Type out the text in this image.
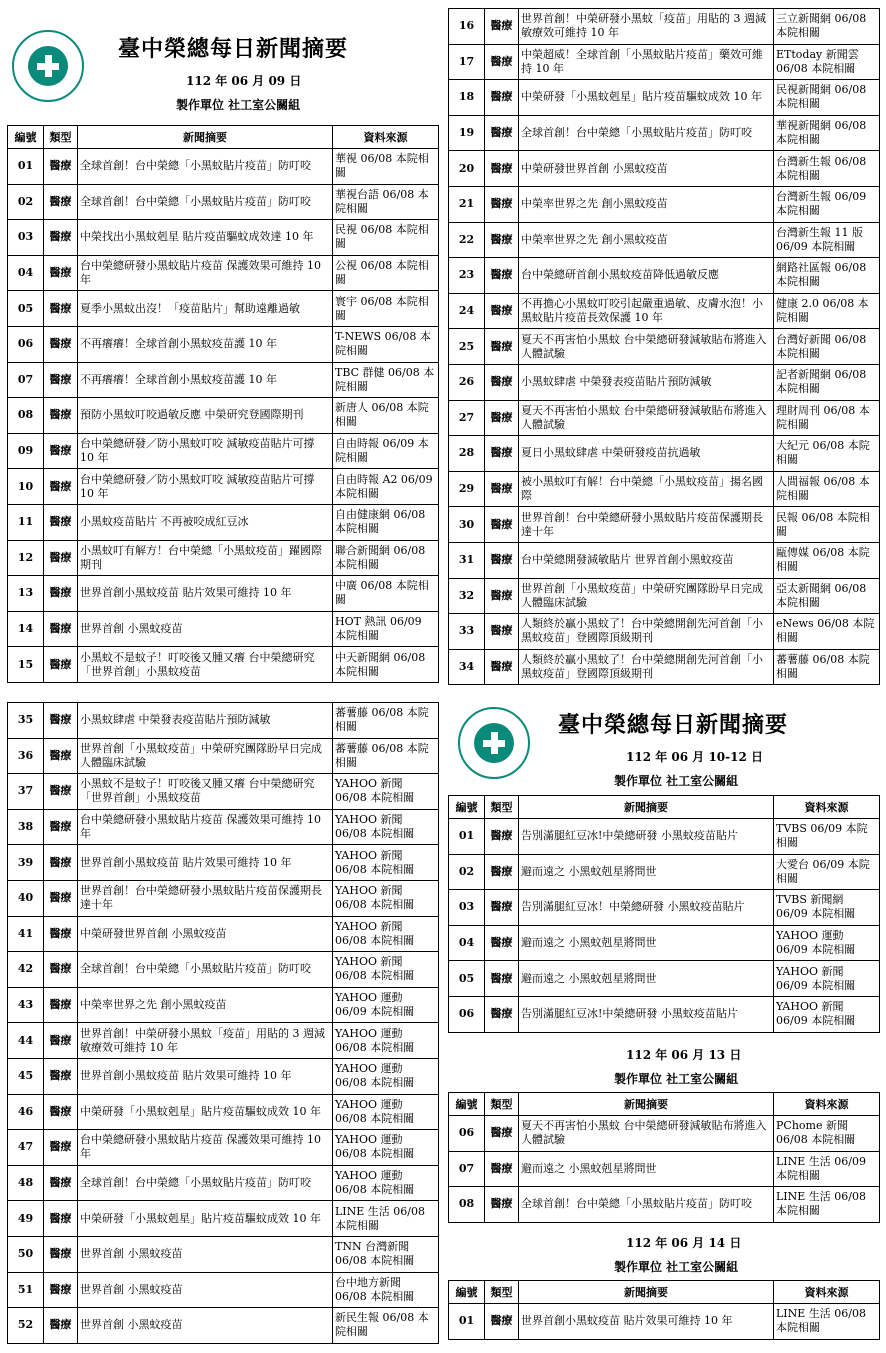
臺中榮總每日新聞摘要
112 年 06 月 09 日
製作單位 社工室公關組
編號	類型	新聞摘要	資料來源
01	醫療	全球首創！台中榮總「小黑蚊貼片疫苗」防叮咬	華視 06/08 本院相關
02	醫療	全球首創！台中榮總「小黑蚊貼片疫苗」防叮咬	華視台語 06/08 本院相關
03	醫療	中榮找出小黑蚊剋星 貼片疫苗驅蚊成效達 10 年	民視 06/08 本院相關
04	醫療	台中榮總研發小黑蚊貼片疫苗 保護效果可維持 10 年	公視 06/08 本院相關
05	醫療	夏季小黑蚊出沒！「疫苗貼片」幫助遠離過敏	寰宇 06/08 本院相關
06	醫療	不再癢癢！全球首創小黑蚊疫苗護 10 年	T-NEWS 06/08 本院相關
07	醫療	不再癢癢！全球首創小黑蚊疫苗護 10 年	TBC 群健 06/08 本院相關
08	醫療	預防小黑蚊叮咬過敏反應 中榮研究登國際期刊	新唐人 06/08 本院相關
09	醫療	台中榮總研發／防小黑蚊叮咬 減敏疫苗貼片可撐 10 年	自由時報 06/09 本院相關
10	醫療	台中榮總研發／防小黑蚊叮咬 減敏疫苗貼片可撐 10 年	自由時報 A2 06/09 本院相關
11	醫療	小黑蚊疫苗貼片 不再被咬成紅豆冰	自由健康網 06/08 本院相關
12	醫療	小黑蚊叮有解方！台中榮總「小黑蚊疫苗」躍國際期刊	聯合新聞網 06/08 本院相關
13	醫療	世界首創小黑蚊疫苗 貼片效果可維持 10 年	中廣 06/08 本院相關
14	醫療	世界首創 小黑蚊疫苗	HOT 熱訊 06/09 本院相關
15	醫療	小黑蚊不是蚊子！叮咬後又腫又癢 台中榮總研究「世界首創」小黑蚊疫苗	中天新聞網 06/08 本院相關
16	醫療	世界首創！中榮研發小黑蚊「疫苗」用貼的 3 週減敏療效可維持 10 年	三立新聞網 06/08 本院相關
17	醫療	中榮超威！全球首創「小黑蚊貼片疫苗」藥效可維持 10 年	ETtoday 新聞雲 06/08 本院相關
18	醫療	中榮研發「小黑蚊剋星」貼片疫苗驅蚊成效 10 年	民視新聞網 06/08 本院相關
19	醫療	全球首創！台中榮總「小黑蚊貼片疫苗」防叮咬	華視新聞網 06/08 本院相關
20	醫療	中榮研發世界首創 小黑蚊疫苗	台灣新生報 06/08 本院相關
21	醫療	中榮率世界之先 創小黑蚊疫苗	台灣新生報 06/09 本院相關
22	醫療	中榮率世界之先 創小黑蚊疫苗	台灣新生報 11 版 06/09 本院相關
23	醫療	台中榮總研首創小黑蚊疫苗降低過敏反應	網路社區報 06/08 本院相關
24	醫療	不再擔心小黑蚊叮咬引起嚴重過敏、皮膚水泡！小黑蚊貼片疫苗長效保護 10 年	健康 2.0 06/08 本院相關
25	醫療	夏天不再害怕小黑蚊 台中榮總研發減敏貼布將進入人體試驗	台灣好新聞 06/08 本院相關
26	醫療	小黑蚊肆虐 中榮發表疫苗貼片預防減敏	記者新聞網 06/08 本院相關
27	醫療	夏天不再害怕小黑蚊 台中榮總研發減敏貼布將進入人體試驗	理財周刊 06/08 本院相關
28	醫療	夏日小黑蚊肆虐 中榮研發疫苗抗過敏	大紀元 06/08 本院相關
29	醫療	被小黑蚊叮有解！台中榮總「小黑蚊疫苗」揚名國際	人間福報 06/08 本院相關
30	醫療	世界首創！台中榮總研發小黑蚊貼片疫苗保護期長達十年	民報 06/08 本院相關
31	醫療	台中榮總開發減敏貼片 世界首創小黑蚊疫苗	甌傳媒 06/08 本院相關
32	醫療	世界首創「小黑蚊疫苗」中榮研究團隊盼早日完成人體臨床試驗	亞太新聞網 06/08 本院相關
33	醫療	人類終於贏小黑蚊了！台中榮總開創先河首創「小黑蚊疫苗」登國際頂級期刊	eNews 06/08 本院相關
34	醫療	人類終於贏小黑蚊了！台中榮總開創先河首創「小黑蚊疫苗」登國際頂級期刊	蕃薯藤 06/08 本院相關
35	醫療	小黑蚊肆虐 中榮發表疫苗貼片預防減敏	蕃薯藤 06/08 本院相關
36	醫療	世界首創「小黑蚊疫苗」中榮研究團隊盼早日完成人體臨床試驗	蕃薯藤 06/08 本院相關
37	醫療	小黑蚊不是蚊子！叮咬後又腫又癢 台中榮總研究「世界首創」小黑蚊疫苗	YAHOO 新聞 06/08 本院相關
38	醫療	台中榮總研發小黑蚊貼片疫苗 保護效果可維持 10 年	YAHOO 新聞 06/08 本院相關
39	醫療	世界首創小黑蚊疫苗 貼片效果可維持 10 年	YAHOO 新聞 06/08 本院相關
40	醫療	世界首創！台中榮總研發小黑蚊貼片疫苗保護期長達十年	YAHOO 新聞 06/08 本院相關
41	醫療	中榮研發世界首創 小黑蚊疫苗	YAHOO 新聞 06/08 本院相關
42	醫療	全球首創！台中榮總「小黑蚊貼片疫苗」防叮咬	YAHOO 新聞 06/08 本院相關
43	醫療	中榮率世界之先 創小黑蚊疫苗	YAHOO 運動 06/09 本院相關
44	醫療	世界首創！中榮研發小黑蚊「疫苗」用貼的 3 週減敏療效可維持 10 年	YAHOO 運動 06/08 本院相關
45	醫療	世界首創小黑蚊疫苗 貼片效果可維持 10 年	YAHOO 運動 06/08 本院相關
46	醫療	中榮研發「小黑蚊剋星」貼片疫苗驅蚊成效 10 年	YAHOO 運動 06/08 本院相關
47	醫療	台中榮總研發小黑蚊貼片疫苗 保護效果可維持 10 年	YAHOO 運動 06/08 本院相關
48	醫療	全球首創！台中榮總「小黑蚊貼片疫苗」防叮咬	YAHOO 運動 06/08 本院相關
49	醫療	中榮研發「小黑蚊剋星」貼片疫苗驅蚊成效 10 年	LINE 生活 06/08 本院相關
50	醫療	世界首創 小黑蚊疫苗	TNN 台灣新聞 06/08 本院相關
51	醫療	世界首創 小黑蚊疫苗	台中地方新聞 06/08 本院相關
52	醫療	世界首創 小黑蚊疫苗	新民生報 06/08 本院相關
臺中榮總每日新聞摘要
112 年 06 月 10-12 日
製作單位 社工室公關組
編號	類型	新聞摘要	資料來源
01	醫療	告別滿腿紅豆冰!中榮總研發 小黑蚊疫苗貼片	TVBS 06/09 本院相關
02	醫療	避而遠之 小黑蚊剋星將問世	大愛台 06/09 本院相關
03	醫療	告別滿腿紅豆冰！中榮總研發 小黑蚊疫苗貼片	TVBS 新聞網 06/09 本院相關
04	醫療	避而遠之 小黑蚊剋星將問世	YAHOO 運動 06/09 本院相關
05	醫療	避而遠之 小黑蚊剋星將問世	YAHOO 新聞 06/09 本院相關
06	醫療	告別滿腿紅豆冰!中榮總研發 小黑蚊疫苗貼片	YAHOO 新聞 06/09 本院相關
112 年 06 月 13 日
製作單位 社工室公關組
編號	類型	新聞摘要	資料來源
06	醫療	夏天不再害怕小黑蚊 台中榮總研發減敏貼布將進入人體試驗	PChome 新聞 06/08 本院相關
07	醫療	避而遠之 小黑蚊剋星將問世	LINE 生活 06/09 本院相關
08	醫療	全球首創！台中榮總「小黑蚊貼片疫苗」防叮咬	LINE 生活 06/08 本院相關
112 年 06 月 14 日
製作單位 社工室公關組
編號	類型	新聞摘要	資料來源
01	醫療	世界首創小黑蚊疫苗 貼片效果可維持 10 年	LINE 生活 06/08 本院相關
